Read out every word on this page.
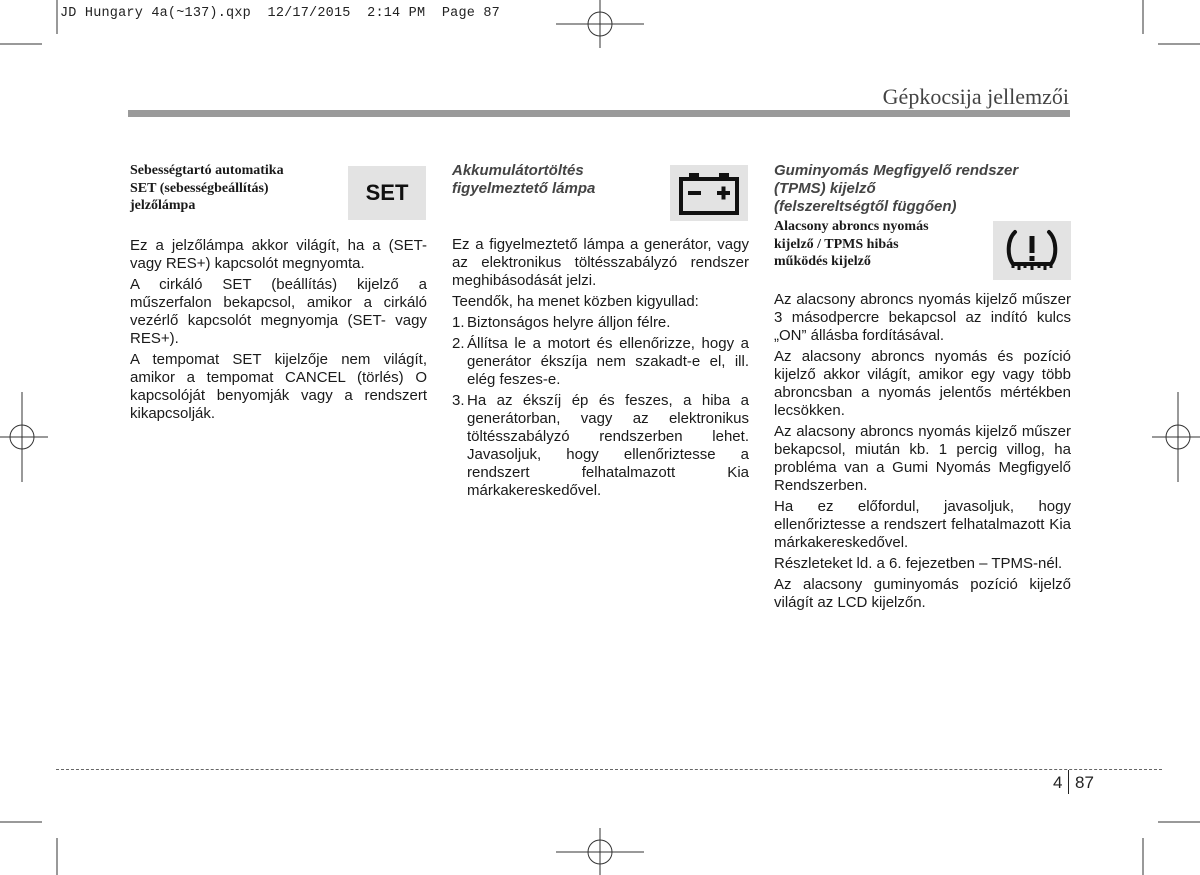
JD Hungary 4a(~137).qxp  12/17/2015  2:14 PM  Page 87
Gépkocsija jellemzői
Sebességtartó automatika
SET (sebességbeállítás)
jelzőlámpa

Ez a jelzőlámpa akkor világít, ha a (SET- vagy RES+) kapcsolót megnyomta.

A cirkáló SET (beállítás) kijelző a műszerfalon bekapcsol, amikor a cirkáló vezérlő kapcsolót megnyomja (SET- vagy RES+).

A tempomat SET kijelzője nem világít, amikor a tempomat CANCEL (törlés) O kapcsolóját benyomják vagy a rendszert kikapcsolják.

SET
Akkumulátortöltés
figyelmeztető lámpa

Ez a figyelmeztető lámpa a generátor, vagy az elektronikus töltésszabályzó rendszer meghibásodását jelzi.

Teendők, ha menet közben kigyullad:

1. Biztonságos helyre álljon félre.
2. Állítsa le a motort és ellenőrizze, hogy a generátor ékszíja nem szakadt-e el, ill. elég feszes-e.
3. Ha az ékszíj ép és feszes, a hiba a generátorban, vagy az elektronikus töltésszabályzó rendszerben lehet. Javasoljuk, hogy ellenőriztesse a rendszert felhatalmazott Kia márkakereskedővel.
Guminyomás Megfigyelő rendszer
(TPMS) kijelző
(felszereltségtől függően)
Alacsony abroncs nyomás
kijelző / TPMS hibás
működés kijelző

Az alacsony abroncs nyomás kijelző műszer 3 másodpercre bekapcsol az indító kulcs „ON” állásba fordításával.

Az alacsony abroncs nyomás és pozíció kijelző akkor világít, amikor egy vagy több abroncsban a nyomás jelentős mértékben lecsökken.

Az alacsony abroncs nyomás kijelző műszer bekapcsol, miután kb. 1 percig villog, ha probléma van a Gumi Nyomás Megfigyelő Rendszerben.

Ha ez előfordul, javasoljuk, hogy ellenőriztesse a rendszert felhatalmazott Kia márkakereskedővel.

Részleteket ld. a 6. fejezetben – TPMS-nél.

Az alacsony guminyomás pozíció kijelző világít az LCD kijelzőn.

4 87
